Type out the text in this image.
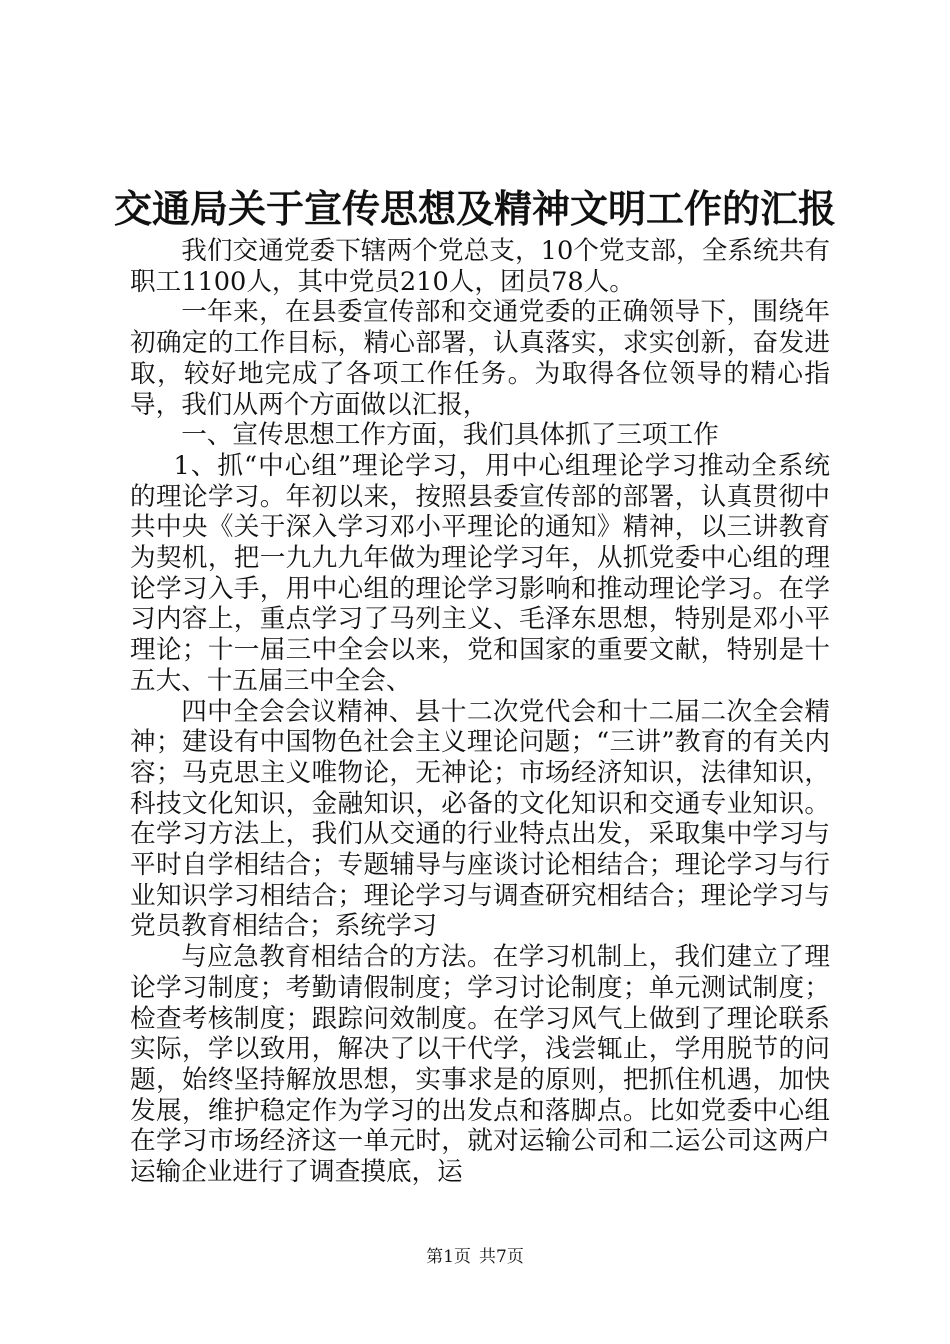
交通局关于宣传思想及精神文明工作的汇报

我们交通党委下辖两个党总支，10个党支部，全系统共有职工1100人，其中党员210人，团员78人。

一年来，在县委宣传部和交通党委的正确领导下，围绕年初确定的工作目标，精心部署，认真落实，求实创新，奋发进取，较好地完成了各项工作任务。为取得各位领导的精心指导，我们从两个方面做以汇报，

一、宣传思想工作方面，我们具体抓了三项工作

1、抓“中心组”理论学习，用中心组理论学习推动全系统的理论学习。年初以来，按照县委宣传部的部署，认真贯彻中共中央《关于深入学习邓小平理论的通知》精神，以三讲教育为契机，把一九九九年做为理论学习年，从抓党委中心组的理论学习入手，用中心组的理论学习影响和推动理论学习。在学习内容上，重点学习了马列主义、毛泽东思想，特别是邓小平理论；十一届三中全会以来，党和国家的重要文献，特别是十五大、十五届三中全会、

四中全会会议精神、县十二次党代会和十二届二次全会精神；建设有中国物色社会主义理论问题；“三讲”教育的有关内容；马克思主义唯物论，无神论；市场经济知识，法律知识，科技文化知识，金融知识，必备的文化知识和交通专业知识。在学习方法上，我们从交通的行业特点出发，采取集中学习与平时自学相结合；专题辅导与座谈讨论相结合；理论学习与行业知识学习相结合；理论学习与调查研究相结合；理论学习与党员教育相结合；系统学习

与应急教育相结合的方法。在学习机制上，我们建立了理论学习制度；考勤请假制度；学习讨论制度；单元测试制度；检查考核制度；跟踪问效制度。在学习风气上做到了理论联系实际，学以致用，解决了以干代学，浅尝辄止，学用脱节的问题，始终坚持解放思想，实事求是的原则，把抓住机遇，加快发展，维护稳定作为学习的出发点和落脚点。比如党委中心组在学习市场经济这一单元时，就对运输公司和二运公司这两户运输企业进行了调查摸底，运

第1页 共7页
